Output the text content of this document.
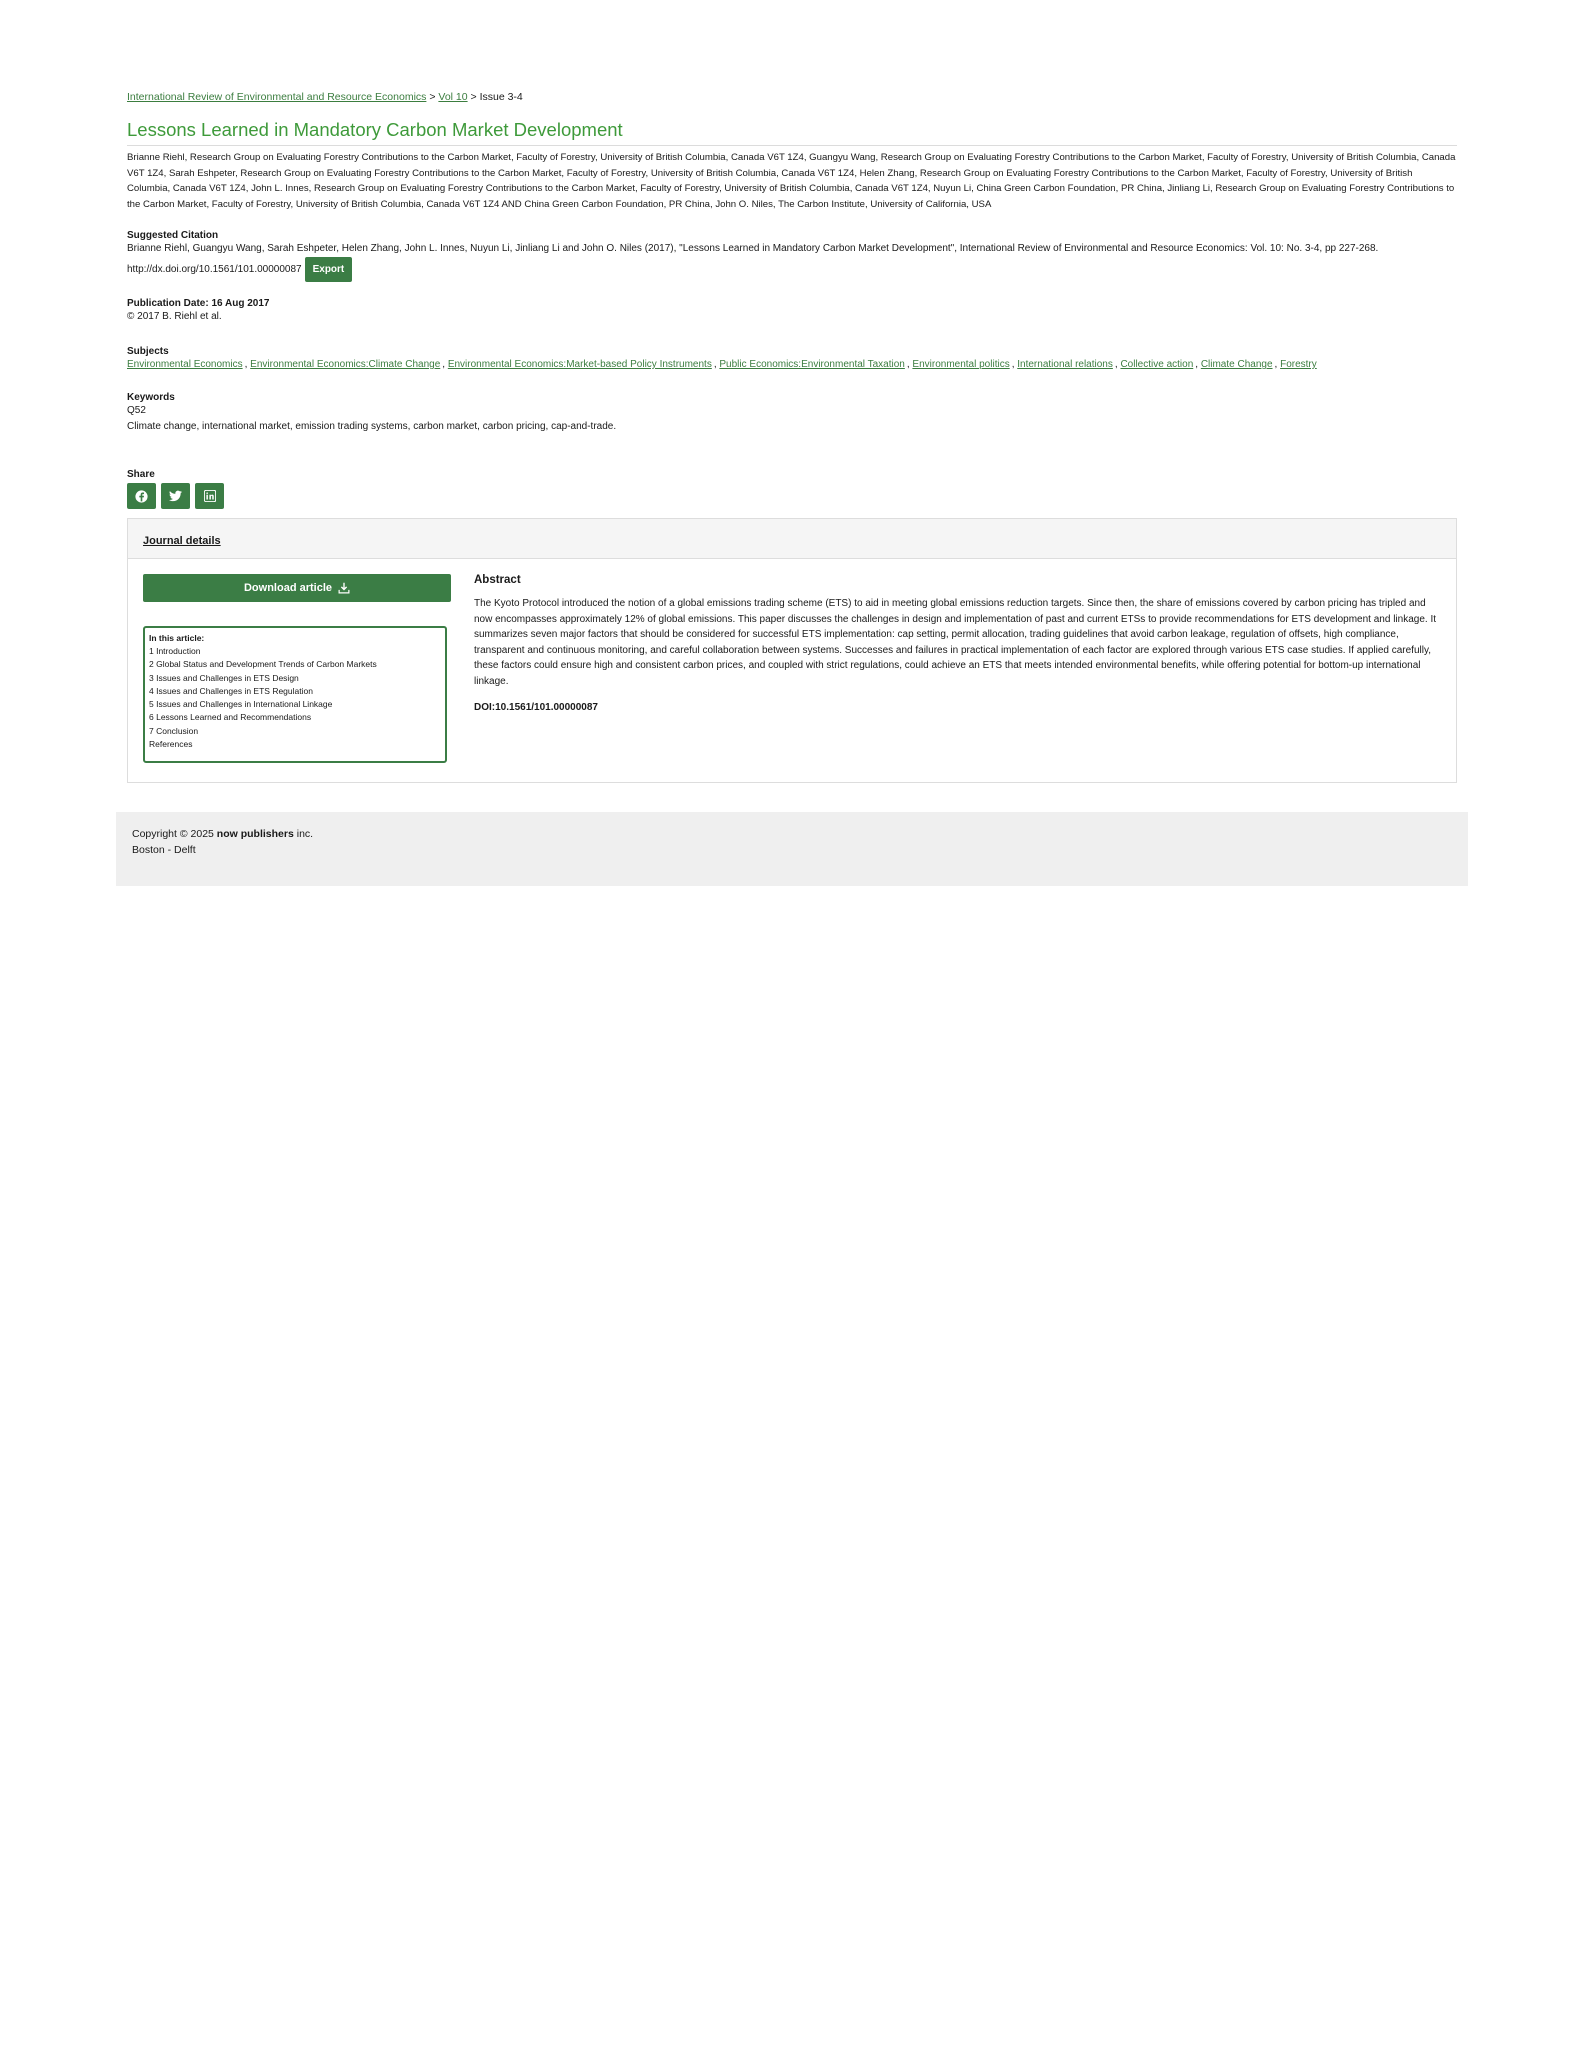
International Review of Environmental and Resource Economics > Vol 10 > Issue 3-4
Lessons Learned in Mandatory Carbon Market Development
Brianne Riehl, Research Group on Evaluating Forestry Contributions to the Carbon Market, Faculty of Forestry, University of British Columbia, Canada V6T 1Z4, Guangyu Wang, Research Group on Evaluating Forestry Contributions to the Carbon Market, Faculty of Forestry, University of British Columbia, Canada V6T 1Z4, Sarah Eshpeter, Research Group on Evaluating Forestry Contributions to the Carbon Market, Faculty of Forestry, University of British Columbia, Canada V6T 1Z4, Helen Zhang, Research Group on Evaluating Forestry Contributions to the Carbon Market, Faculty of Forestry, University of British Columbia, Canada V6T 1Z4, John L. Innes, Research Group on Evaluating Forestry Contributions to the Carbon Market, Faculty of Forestry, University of British Columbia, Canada V6T 1Z4, Nuyun Li, China Green Carbon Foundation, PR China, Jinliang Li, Research Group on Evaluating Forestry Contributions to the Carbon Market, Faculty of Forestry, University of British Columbia, Canada V6T 1Z4 AND China Green Carbon Foundation, PR China, John O. Niles, The Carbon Institute, University of California, USA
Suggested Citation
Brianne Riehl, Guangyu Wang, Sarah Eshpeter, Helen Zhang, John L. Innes, Nuyun Li, Jinliang Li and John O. Niles (2017), "Lessons Learned in Mandatory Carbon Market Development", International Review of Environmental and Resource Economics: Vol. 10: No. 3-4, pp 227-268.
http://dx.doi.org/10.1561/101.00000087	Export
Publication Date: 16 Aug 2017
© 2017 B. Riehl et al.
Subjects
Environmental Economics , Environmental Economics:Climate Change , Environmental Economics:Market-based Policy Instruments , Public Economics:Environmental Taxation , Environmental politics , International relations , Collective action , Climate Change , Forestry
Keywords
Q52
Climate change, international market, emission trading systems, carbon market, carbon pricing, cap-and-trade.
Share
Journal details
Download article
In this article:
1 Introduction
2 Global Status and Development Trends of Carbon Markets
3 Issues and Challenges in ETS Design
4 Issues and Challenges in ETS Regulation
5 Issues and Challenges in International Linkage
6 Lessons Learned and Recommendations
7 Conclusion
References
Abstract

The Kyoto Protocol introduced the notion of a global emissions trading scheme (ETS) to aid in meeting global emissions reduction targets. Since then, the share of emissions covered by carbon pricing has tripled and now encompasses approximately 12% of global emissions. This paper discusses the challenges in design and implementation of past and current ETSs to provide recommendations for ETS development and linkage. It summarizes seven major factors that should be considered for successful ETS implementation: cap setting, permit allocation, trading guidelines that avoid carbon leakage, regulation of offsets, high compliance, transparent and continuous monitoring, and careful collaboration between systems. Successes and failures in practical implementation of each factor are explored through various ETS case studies. If applied carefully, these factors could ensure high and consistent carbon prices, and coupled with strict regulations, could achieve an ETS that meets intended environmental benefits, while offering potential for bottom-up international linkage.

DOI:10.1561/101.00000087
Copyright © 2025 now publishers inc.
Boston - Delft
